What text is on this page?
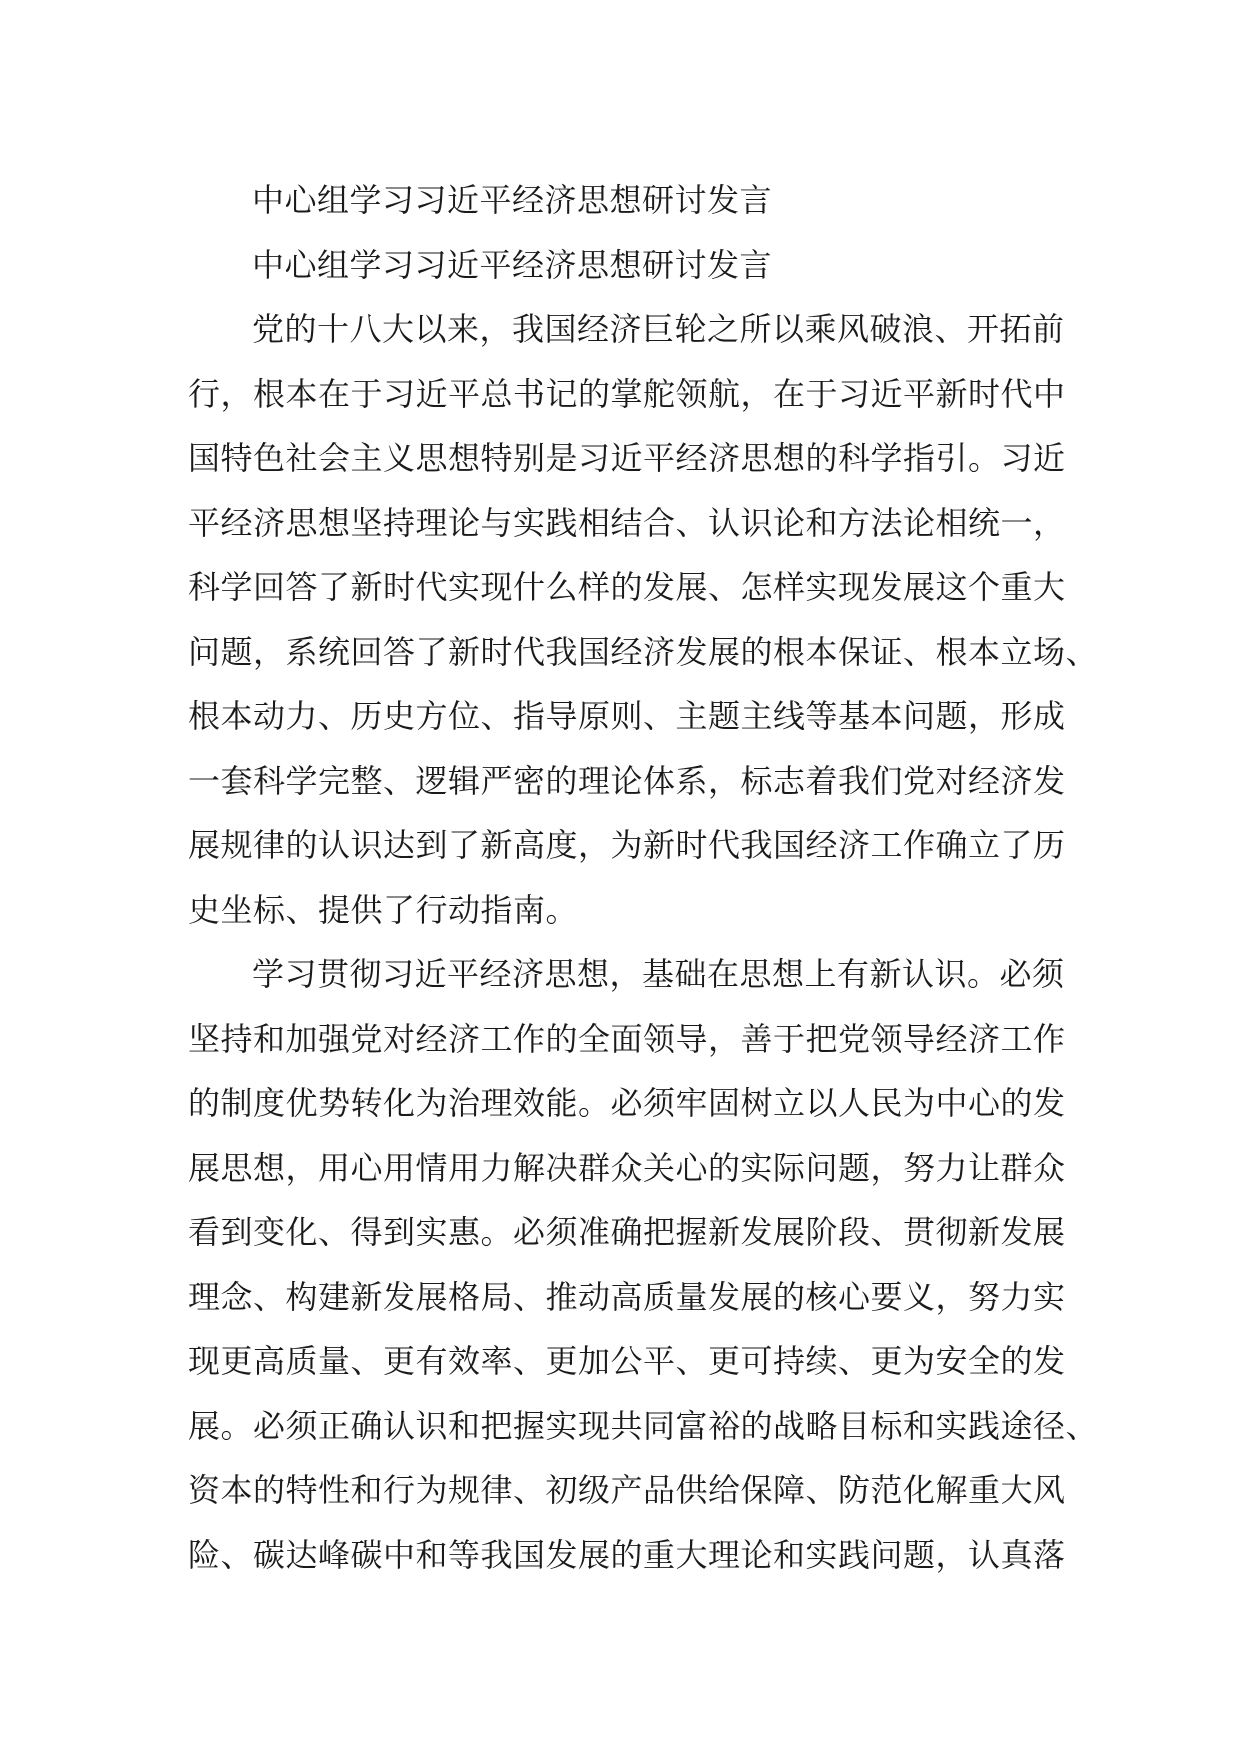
中心组学习习近平经济思想研讨发言
中心组学习习近平经济思想研讨发言
党的十八大以来，我国经济巨轮之所以乘风破浪、开拓前
行，根本在于习近平总书记的掌舵领航，在于习近平新时代中
国特色社会主义思想特别是习近平经济思想的科学指引。习近
平经济思想坚持理论与实践相结合、认识论和方法论相统一，
科学回答了新时代实现什么样的发展、怎样实现发展这个重大
问题，系统回答了新时代我国经济发展的根本保证、根本立场、
根本动力、历史方位、指导原则、主题主线等基本问题，形成
一套科学完整、逻辑严密的理论体系，标志着我们党对经济发
展规律的认识达到了新高度，为新时代我国经济工作确立了历
史坐标、提供了行动指南。
学习贯彻习近平经济思想，基础在思想上有新认识。必须
坚持和加强党对经济工作的全面领导，善于把党领导经济工作
的制度优势转化为治理效能。必须牢固树立以人民为中心的发
展思想，用心用情用力解决群众关心的实际问题，努力让群众
看到变化、得到实惠。必须准确把握新发展阶段、贯彻新发展
理念、构建新发展格局、推动高质量发展的核心要义，努力实
现更高质量、更有效率、更加公平、更可持续、更为安全的发
展。必须正确认识和把握实现共同富裕的战略目标和实践途径、
资本的特性和行为规律、初级产品供给保障、防范化解重大风
险、碳达峰碳中和等我国发展的重大理论和实践问题，认真落
